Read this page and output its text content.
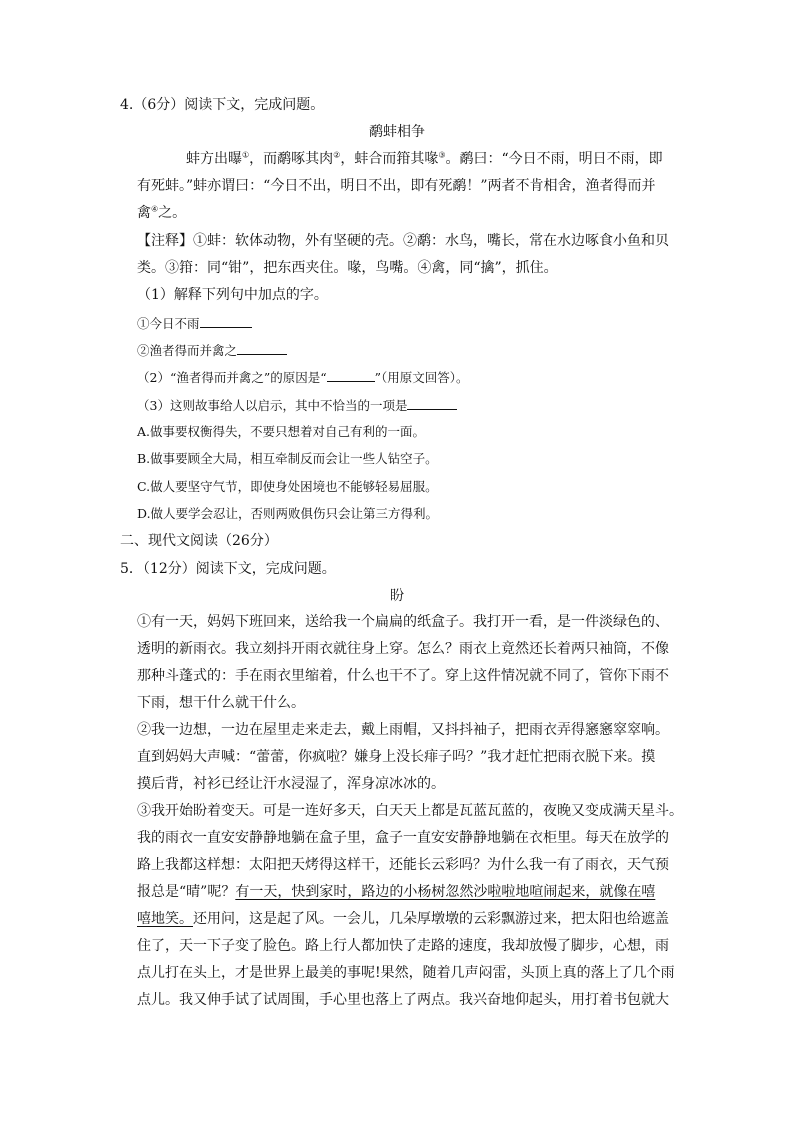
4.（6分）阅读下文，完成问题。
鹬蚌相争
蚌方出曝①，而鹬啄其肉②，蚌合而箝其喙③。鹬曰：“今日不雨，明日不雨，即
有死蚌。”蚌亦谓曰：“今日不出，明日不出，即有死鹬！”两者不肯相舍，渔者得而并
禽④之。
【注释】①蚌：软体动物，外有坚硬的壳。②鹬：水鸟，嘴长，常在水边啄食小鱼和贝
类。③箝：同“钳”，把东西夹住。喙，鸟嘴。④禽，同“擒”，抓住。
（1）解释下列句中加点的字。
①今日不雨
②渔者得而并禽之
（2）“渔者得而并禽之”的原因是“	”（用原文回答）。
（3）这则故事给人以启示，其中不恰当的一项是
A.做事要权衡得失，不要只想着对自己有利的一面。
B.做事要顾全大局，相互牵制反而会让一些人钻空子。
C.做人要坚守气节，即使身处困境也不能够轻易屈服。
D.做人要学会忍让，否则两败俱伤只会让第三方得利。
二、现代文阅读（26分）
5．（12分）阅读下文，完成问题。
盼
①有一天，妈妈下班回来，送给我一个扁扁的纸盒子。我打开一看，是一件淡绿色的、
透明的新雨衣。我立刻抖开雨衣就往身上穿。怎么？雨衣上竟然还长着两只袖筒，不像
那种斗蓬式的：手在雨衣里缩着，什么也干不了。穿上这件情况就不同了，管你下雨不
下雨，想干什么就干什么。
②我一边想，一边在屋里走来走去，戴上雨帽，又抖抖袖子，把雨衣弄得窸窸窣窣响。
直到妈妈大声喊：“蕾蕾，你疯啦？嫌身上没长痱子吗？”我才赶忙把雨衣脱下来。摸
摸后背，衬衫已经让汗水浸湿了，浑身凉冰冰的。
③我开始盼着变天。可是一连好多天，白天天上都是瓦蓝瓦蓝的，夜晚又变成满天星斗。
我的雨衣一直安安静静地躺在盒子里，盒子一直安安静静地躺在衣柜里。每天在放学的
路上我都这样想：太阳把天烤得这样干，还能长云彩吗？为什么我一有了雨衣，天气预
报总是“晴”呢？有一天，快到家时，路边的小杨树忽然沙啦啦地喧闹起来，就像在嘻
嘻地笑。还用问，这是起了风。一会儿，几朵厚墩墩的云彩飘游过来，把太阳也给遮盖
住了，天一下子变了脸色。路上行人都加快了走路的速度，我却放慢了脚步，心想，雨
点儿打在头上，才是世界上最美的事呢!果然，随着几声闷雷，头顶上真的落上了几个雨
点儿。我又伸手试了试周围，手心里也落上了两点。我兴奋地仰起头，用打着书包就大
